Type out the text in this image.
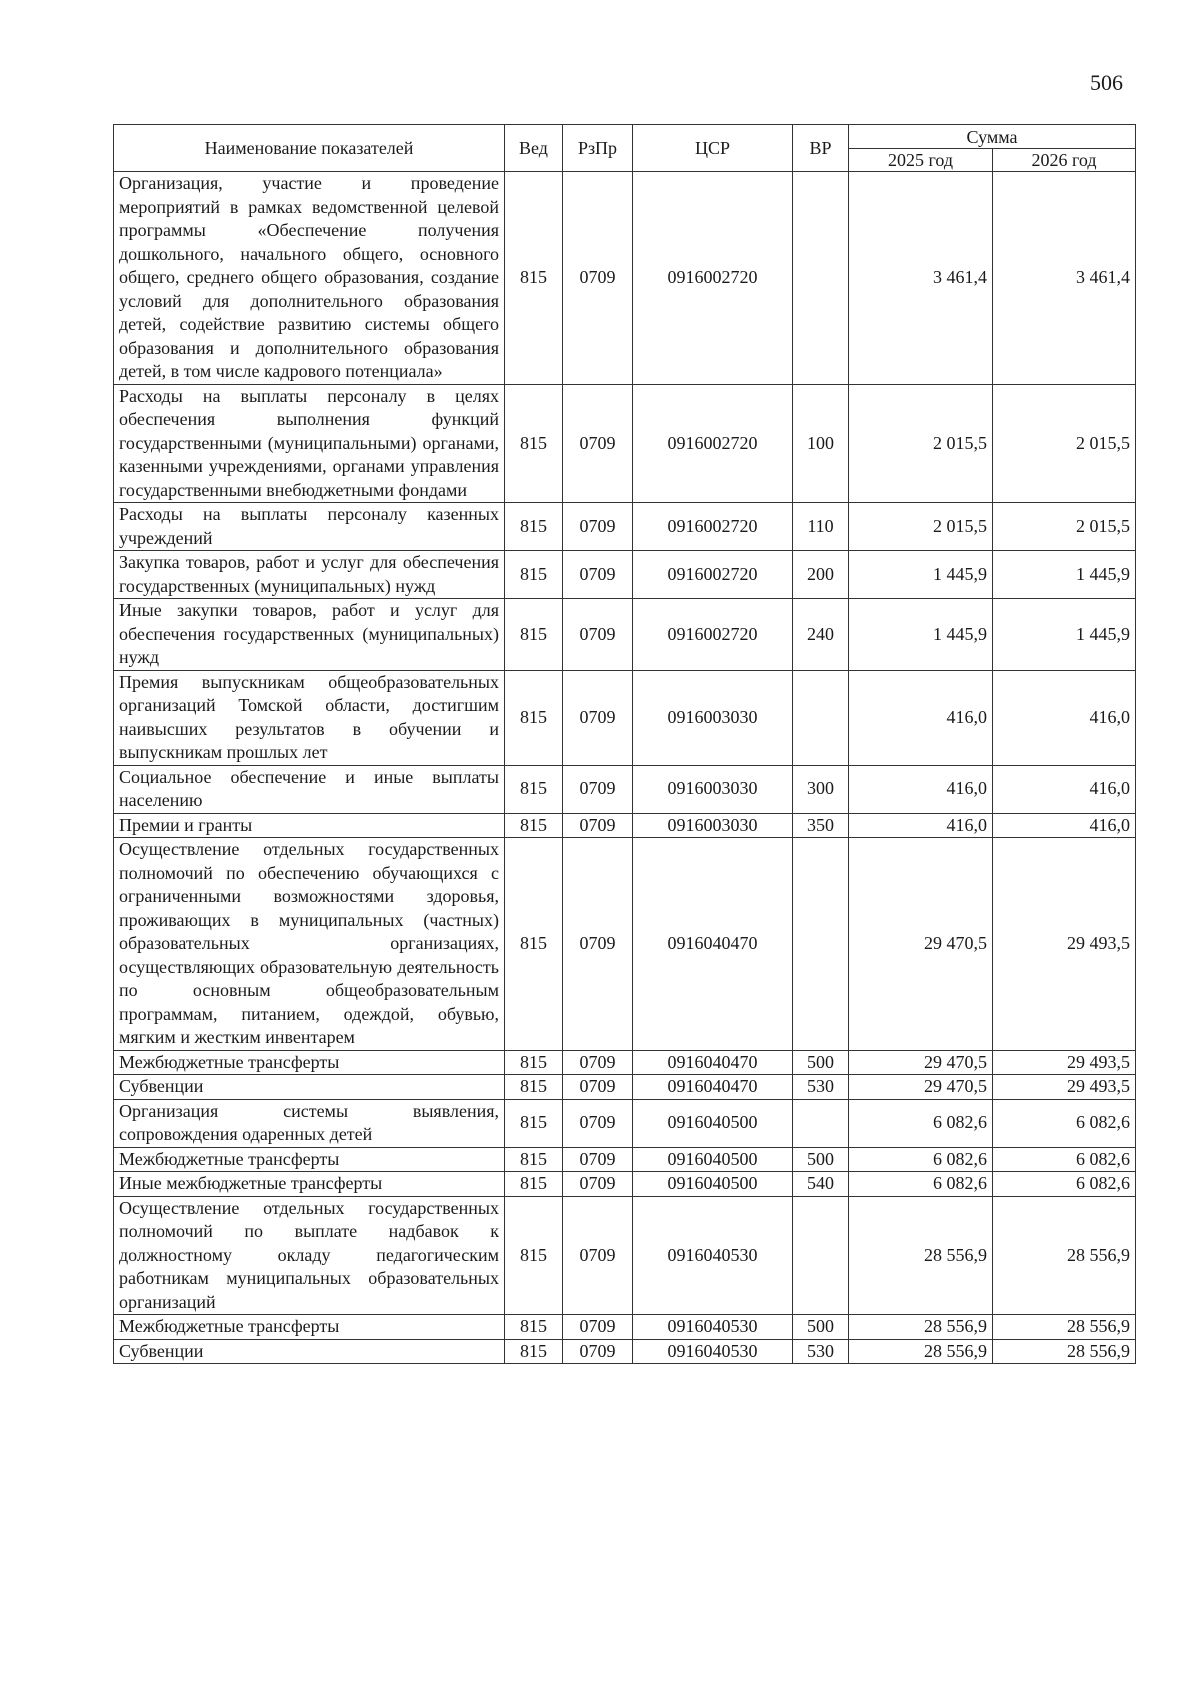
506
Наименование показателей	Вед	РзПр	ЦСР	ВР	Сумма	
					2025 год	2026 год
Организация, участие и проведение мероприятий в рамках ведомственной целевой программы «Обеспечение получения дошкольного, начального общего, основного общего, среднего общего образования, создание условий для дополнительного образования детей, содействие развитию системы общего образования и дополнительного образования детей, в том числе кадрового потенциала»	815	0709	0916002720		3 461,4	3 461,4
Расходы на выплаты персоналу в целях обеспечения выполнения функций государственными (муниципальными) органами, казенными учреждениями, органами управления государственными внебюджетными фондами	815	0709	0916002720	100	2 015,5	2 015,5
Расходы на выплаты персоналу казенных учреждений	815	0709	0916002720	110	2 015,5	2 015,5
Закупка товаров, работ и услуг для обеспечения государственных (муниципальных) нужд	815	0709	0916002720	200	1 445,9	1 445,9
Иные закупки товаров, работ и услуг для обеспечения государственных (муниципальных) нужд	815	0709	0916002720	240	1 445,9	1 445,9
Премия выпускникам общеобразовательных организаций Томской области, достигшим наивысших результатов в обучении и выпускникам прошлых лет	815	0709	0916003030		416,0	416,0
Социальное обеспечение и иные выплаты населению	815	0709	0916003030	300	416,0	416,0
Премии и гранты	815	0709	0916003030	350	416,0	416,0
Осуществление отдельных государственных полномочий по обеспечению обучающихся с ограниченными возможностями здоровья, проживающих в муниципальных (частных) образовательных организациях, осуществляющих образовательную деятельность по основным общеобразовательным программам, питанием, одеждой, обувью, мягким и жестким инвентарем	815	0709	0916040470		29 470,5	29 493,5
Межбюджетные трансферты	815	0709	0916040470	500	29 470,5	29 493,5
Субвенции	815	0709	0916040470	530	29 470,5	29 493,5
Организация системы выявления, сопровождения одаренных детей	815	0709	0916040500		6 082,6	6 082,6
Межбюджетные трансферты	815	0709	0916040500	500	6 082,6	6 082,6
Иные межбюджетные трансферты	815	0709	0916040500	540	6 082,6	6 082,6
Осуществление отдельных государственных полномочий по выплате надбавок к должностному окладу педагогическим работникам муниципальных образовательных организаций	815	0709	0916040530		28 556,9	28 556,9
Межбюджетные трансферты	815	0709	0916040530	500	28 556,9	28 556,9
Субвенции	815	0709	0916040530	530	28 556,9	28 556,9
